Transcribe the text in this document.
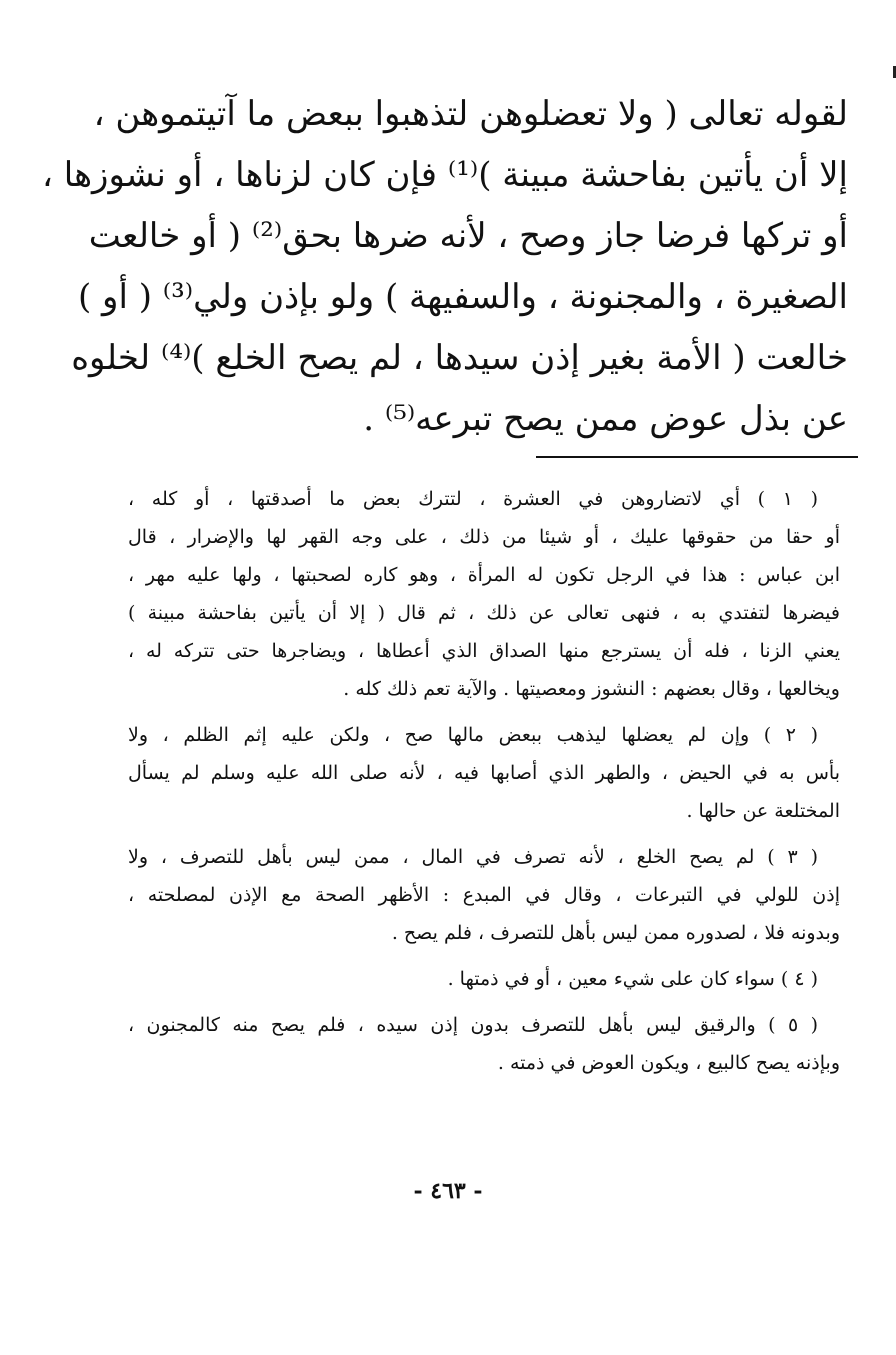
لقوله تعالى ( ولا تعضلوهن لتذهبوا ببعض ما آتيتموهن ،
إلا أن يأتين بفاحشة مبينة )⁽¹⁾ فإن كان لزناها ، أو نشوزها ،
أو تركها فرضا جاز وصح ، لأنه ضرها بحق⁽²⁾ ( أو خالعت
الصغيرة ، والمجنونة ، والسفيهة ) ولو بإذن ولي⁽³⁾ ( أو )
خالعت ( الأمة بغير إذن سيدها ، لم يصح الخلع )⁽⁴⁾ لخلوه
عن بذل عوض ممن يصح تبرعه⁽⁵⁾ .
( ١ ) أي لاتضاروهن في العشرة ، لتترك بعض ما أصدقتها ، أو كله ،
أو حقا من حقوقها عليك ، أو شيئا من ذلك ، على وجه القهر لها والإضرار ، قال
ابن عباس : هذا في الرجل تكون له المرأة ، وهو كاره لصحبتها ، ولها عليه مهر ،
فيضرها لتفتدي به ، فنهى تعالى عن ذلك ، ثم قال ( إلا أن يأتين بفاحشة مبينة )
يعني الزنا ، فله أن يسترجع منها الصداق الذي أعطاها ، ويضاجرها حتى تتركه له ،
ويخالعها ، وقال بعضهم : النشوز ومعصيتها . والآية تعم ذلك كله .
( ٢ ) وإن لم يعضلها ليذهب ببعض مالها صح ، ولكن عليه إثم الظلم ، ولا
بأس به في الحيض ، والطهر الذي أصابها فيه ، لأنه صلى الله عليه وسلم لم يسأل
المختلعة عن حالها .
( ٣ ) لم يصح الخلع ، لأنه تصرف في المال ، ممن ليس بأهل للتصرف ، ولا
إذن للولي في التبرعات ، وقال في المبدع : الأظهر الصحة مع الإذن لمصلحته ،
وبدونه فلا ، لصدوره ممن ليس بأهل للتصرف ، فلم يصح .
( ٤ ) سواء كان على شيء معين ، أو في ذمتها .
( ٥ ) والرقيق ليس بأهل للتصرف بدون إذن سيده ، فلم يصح منه كالمجنون ،
وبإذنه يصح كالبيع ، ويكون العوض في ذمته .
- ٤٦٣ -
